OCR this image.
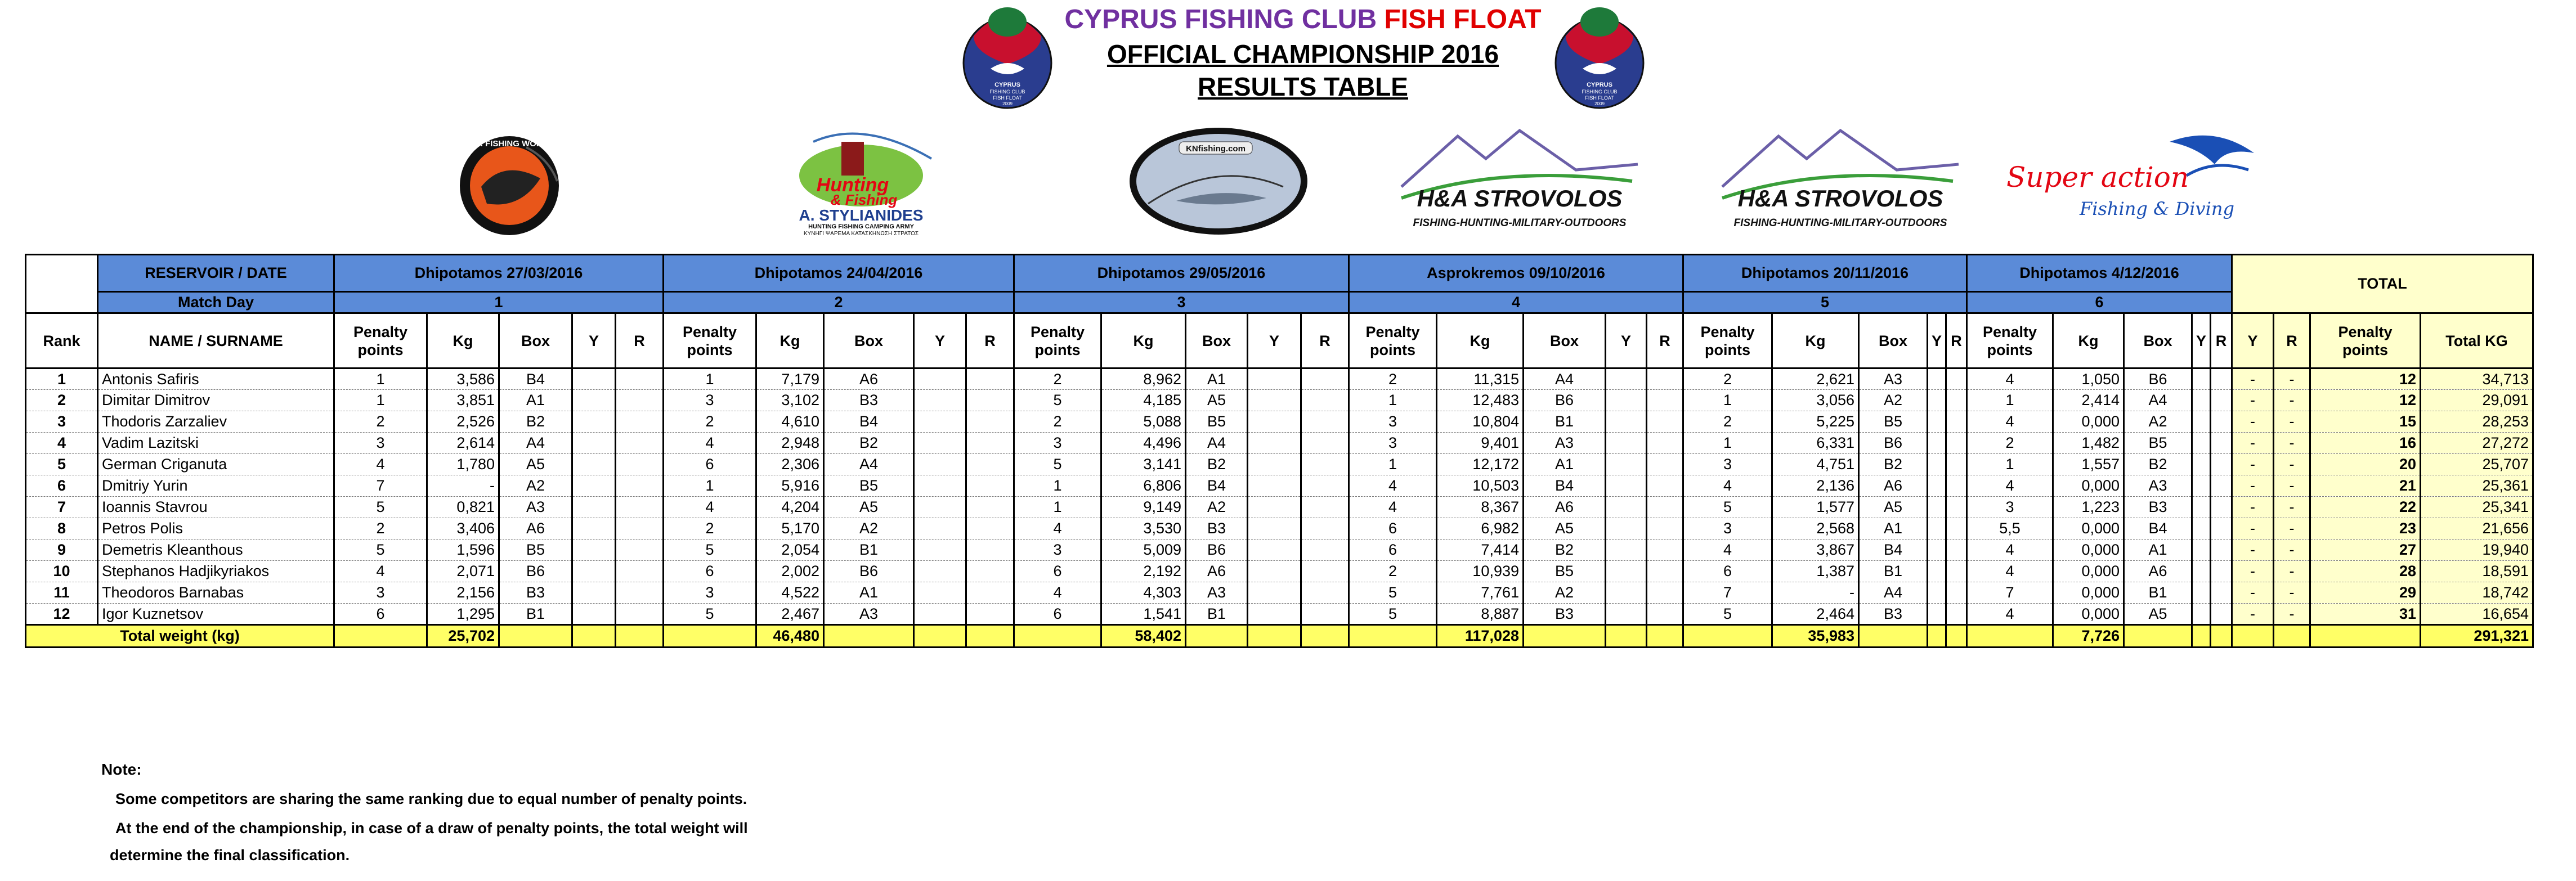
CYPRUS FISHING CLUB FISH FLOAT
OFFICIAL CHAMPIONSHIP 2016
RESULTS TABLE
CYPRUS
FISHING CLUB
FISH FLOAT
2009
CYPRUS
FISHING CLUB
FISH FLOAT
2009
A.M. FISHING WORLD
Hunting
& Fishing
A. STYLIANIDES
HUNTING FISHING CAMPING ARMY
ΚΥΝΗΓΙ ΨΑΡΕΜΑ ΚΑΤΑΣΚΗΝΩΣΗ ΣΤΡΑΤΟΣ
KNfishing.com
H&A STROVOLOS
FISHING-HUNTING-MILITARY-OUTDOORS
H&A STROVOLOS
FISHING-HUNTING-MILITARY-OUTDOORS
Super action
Fishing & Diving
	RESERVOIR / DATE	Dhipotamos 27/03/2016					Dhipotamos 24/04/2016					Dhipotamos 29/05/2016					Asprokremos 09/10/2016					Dhipotamos 20/11/2016					Dhipotamos 4/12/2016					TOTAL			
	Match Day	1					2					3					4					5					6								
Rank	NAME / SURNAME	Penalty points	Kg	Box	Y	R	Penalty points	Kg	Box	Y	R	Penalty points	Kg	Box	Y	R	Penalty points	Kg	Box	Y	R	Penalty points	Kg	Box	Y	R	Penalty points	Kg	Box	Y	R	Y	R	Penalty points	Total KG
1	Antonis Safiris	1	3,586	B4			1	7,179	A6			2	8,962	A1			2	11,315	A4			2	2,621	A3			4	1,050	B6			-	-	12	34,713
2	Dimitar Dimitrov	1	3,851	A1			3	3,102	B3			5	4,185	A5			1	12,483	B6			1	3,056	A2			1	2,414	A4			-	-	12	29,091
3	Thodoris Zarzaliev	2	2,526	B2			2	4,610	B4			2	5,088	B5			3	10,804	B1			2	5,225	B5			4	0,000	A2			-	-	15	28,253
4	Vadim Lazitski	3	2,614	A4			4	2,948	B2			3	4,496	A4			3	9,401	A3			1	6,331	B6			2	1,482	B5			-	-	16	27,272
5	German Criganuta	4	1,780	A5			6	2,306	A4			5	3,141	B2			1	12,172	A1			3	4,751	B2			1	1,557	B2			-	-	20	25,707
6	Dmitriy Yurin	7	-	A2			1	5,916	B5			1	6,806	B4			4	10,503	B4			4	2,136	A6			4	0,000	A3			-	-	21	25,361
7	Ioannis Stavrou	5	0,821	A3			4	4,204	A5			1	9,149	A2			4	8,367	A6			5	1,577	A5			3	1,223	B3			-	-	22	25,341
8	Petros Polis	2	3,406	A6			2	5,170	A2			4	3,530	B3			6	6,982	A5			3	2,568	A1			5,5	0,000	B4			-	-	23	21,656
9	Demetris Kleanthous	5	1,596	B5			5	2,054	B1			3	5,009	B6			6	7,414	B2			4	3,867	B4			4	0,000	A1			-	-	27	19,940
10	Stephanos Hadjikyriakos	4	2,071	B6			6	2,002	B6			6	2,192	A6			2	10,939	B5			6	1,387	B1			4	0,000	A6			-	-	28	18,591
11	Theodoros Barnabas	3	2,156	B3			3	4,522	A1			4	4,303	A3			5	7,761	A2			7	-	A4			7	0,000	B1			-	-	29	18,742
12	Igor Kuznetsov	6	1,295	B1			5	2,467	A3			6	1,541	B1			5	8,887	B3			5	2,464	B3			4	0,000	A5			-	-	31	16,654
Total weight (kg)			25,702					46,480					58,402					117,028					35,983					7,726							291,321
Note:
Some competitors are sharing the same ranking due to equal number of penalty points.
At the end of the championship, in case of a draw of penalty points, the total weight will
determine the final classification.
